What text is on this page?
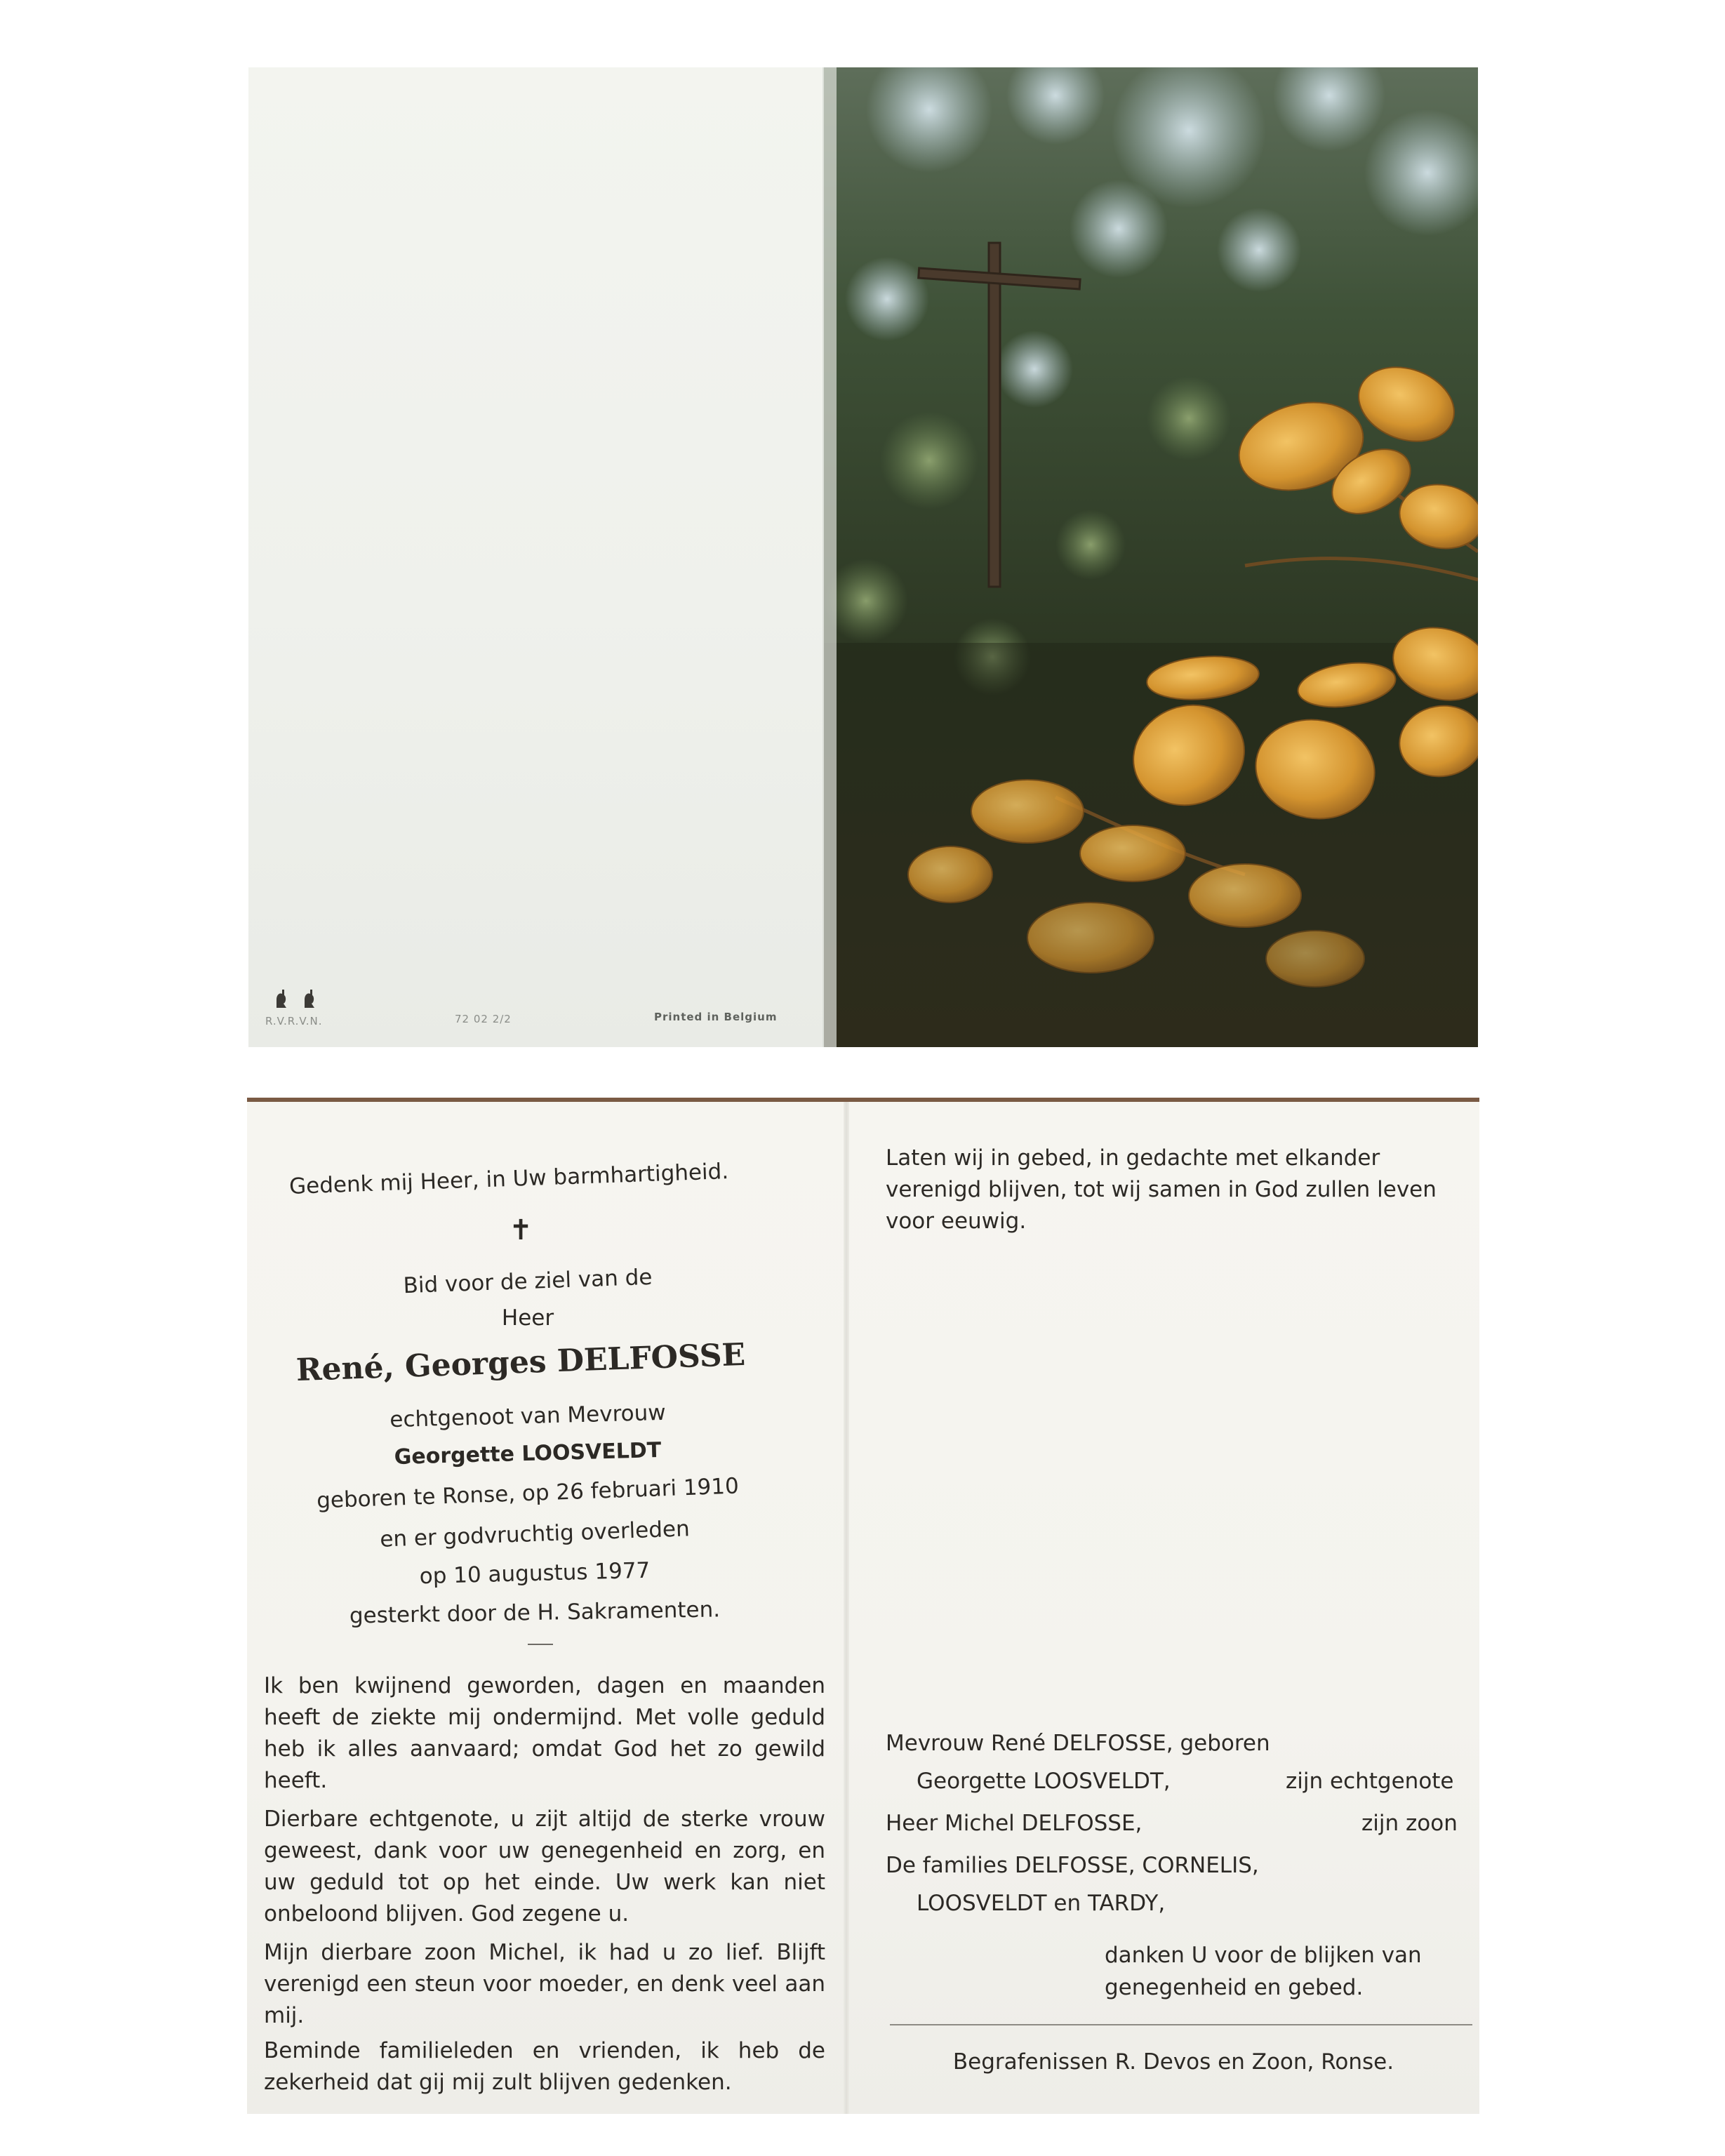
R.V.R.V.N.	72 02 2/2	Printed in Belgium
Gedenk mij Heer, in Uw barmhartigheid.
✝
Bid voor de ziel van de
Heer
René, Georges DELFOSSE
echtgenoot van Mevrouw
Georgette LOOSVELDT
geboren te Ronse, op 26 februari 1910
en er godvruchtig overleden
op 10 augustus 1977
gesterkt door de H. Sakramenten.
Ik ben kwijnend geworden, dagen en maanden heeft de ziekte mij ondermijnd. Met volle geduld heb ik alles aanvaard; omdat God het zo gewild heeft.
Dierbare echtgenote, u zijt altijd de sterke vrouw geweest, dank voor uw genegenheid en zorg, en uw geduld tot op het einde. Uw werk kan niet onbeloond blijven. God zegene u.
Mijn dierbare zoon Michel, ik had u zo lief. Blijft verenigd een steun voor moeder, en denk veel aan mij.
Beminde familieleden en vrienden, ik heb de zekerheid dat gij mij zult blijven gedenken.
Laten wij in gebed, in gedachte met elkander verenigd blijven, tot wij samen in God zullen leven voor eeuwig.
Mevrouw René DELFOSSE, geboren
Georgette LOOSVELDT,	zijn echtgenote
Heer Michel DELFOSSE,	zijn zoon
De families DELFOSSE, CORNELIS,
LOOSVELDT en TARDY,
danken U voor de blijken van
genegenheid en gebed.
Begrafenissen R. Devos en Zoon, Ronse.
